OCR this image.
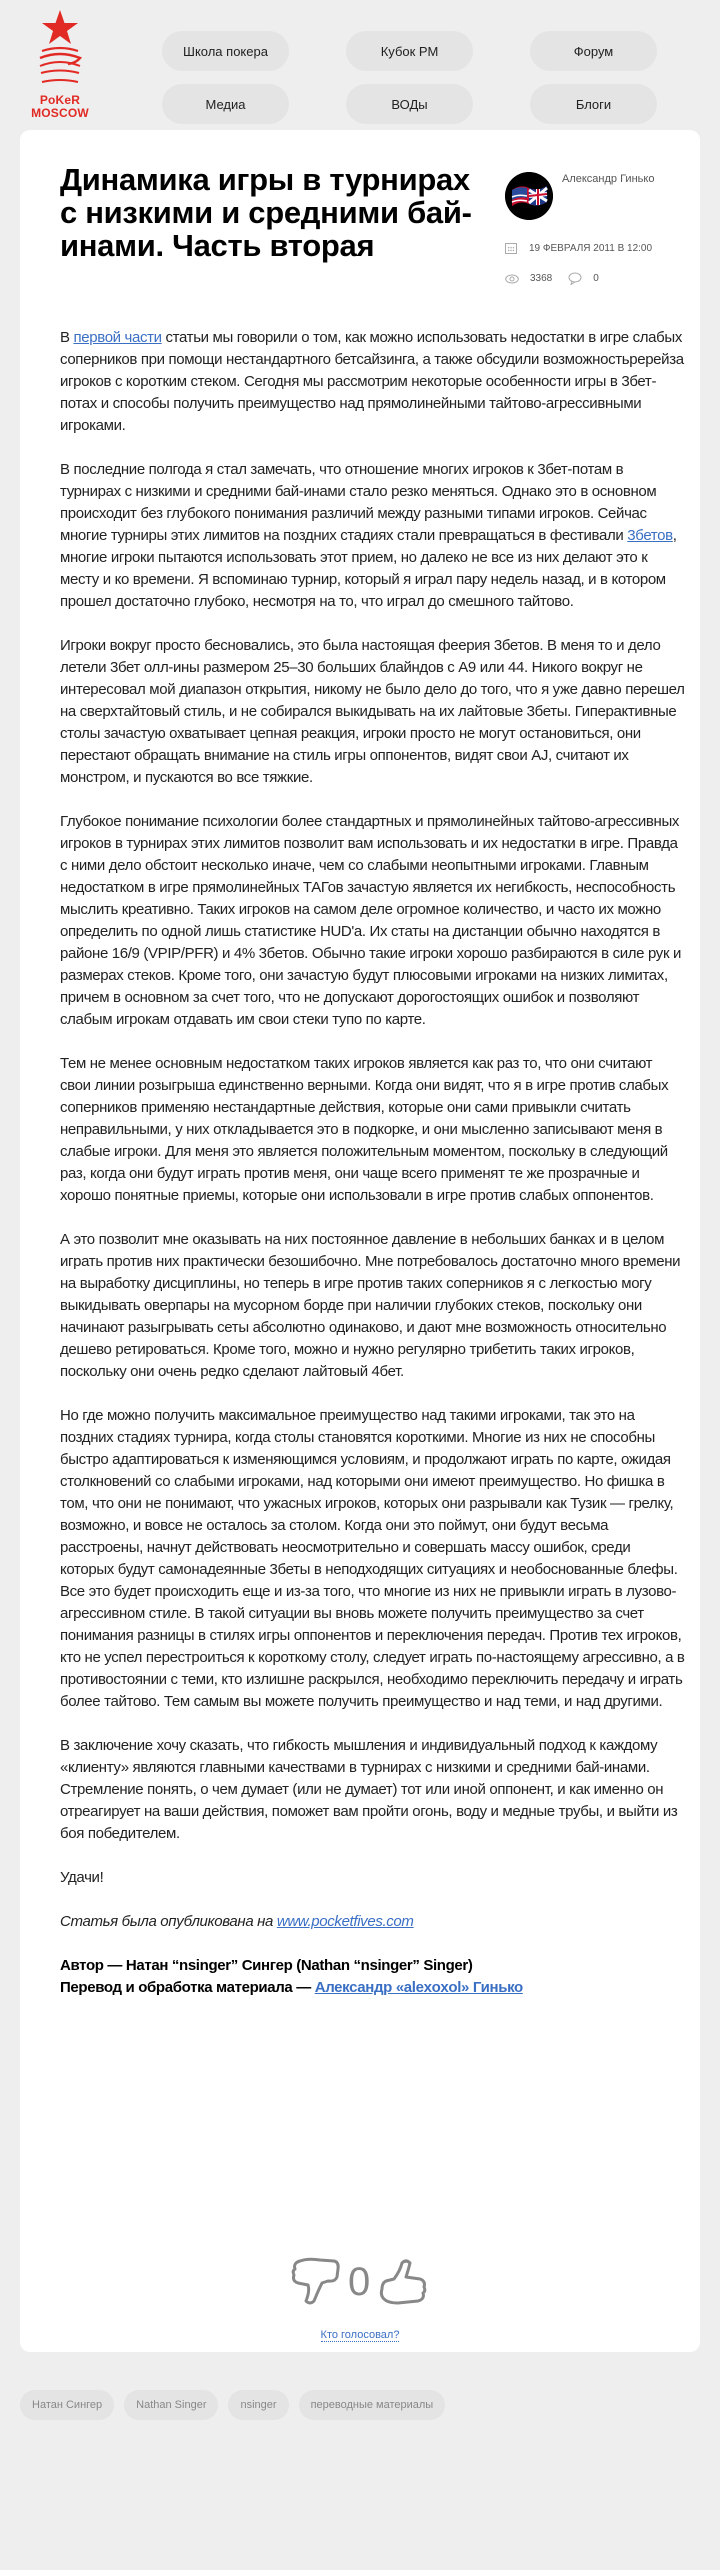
PoKeR
MOSCOW
Школа покера	Кубок РМ	Форум
Медиа	ВОДы	Блоги
Динамика игры в турнирах с низкими и средними бай-инами. Часть вторая
Александр Гинько
19 ФЕВРАЛЯ 2011 В 12:00
3368	0

В первой части статьи мы говорили о том, как можно использовать недостатки в игре слабых соперников при помощи нестандартного бетсайзинга, а также обсудили возможностьререйза игроков с коротким стеком. Сегодня мы рассмотрим некоторые особенности игры в 3бет-потах и способы получить преимущество над прямолинейными тайтово-агрессивными игроками.

В последние полгода я стал замечать, что отношение многих игроков к 3бет-потам в турнирах с низкими и средними бай-инами стало резко меняться. Однако это в основном происходит без глубокого понимания различий между разными типами игроков. Сейчас многие турниры этих лимитов на поздних стадиях стали превращаться в фестивали 3бетов, многие игроки пытаются использовать этот прием, но далеко не все из них делают это к месту и ко времени. Я вспоминаю турнир, который я играл пару недель назад, и в котором прошел достаточно глубоко, несмотря на то, что играл до смешного тайтово.

Игроки вокруг просто бесновались, это была настоящая феерия 3бетов. В меня то и дело летели 3бет олл-ины размером 25–30 больших блайндов с A9 или 44. Никого вокруг не интересовал мой диапазон открытия, никому не было дело до того, что я уже давно перешел на сверхтайтовый стиль, и не собирался выкидывать на их лайтовые 3беты. Гиперактивные столы зачастую охватывает цепная реакция, игроки просто не могут остановиться, они перестают обращать внимание на стиль игры оппонентов, видят свои AJ, считают их монстром, и пускаются во все тяжкие.

Глубокое понимание психологии более стандартных и прямолинейных тайтово-агрессивных игроков в турнирах этих лимитов позволит вам использовать и их недостатки в игре. Правда с ними дело обстоит несколько иначе, чем со слабыми неопытными игроками. Главным недостатком в игре прямолинейных ТАГов зачастую является их негибкость, неспособность мыслить креативно. Таких игроков на самом деле огромное количество, и часто их можно определить по одной лишь статистике HUD'a. Их статы на дистанции обычно находятся в районе 16/9 (VPIP/PFR) и 4% 3бетов. Обычно такие игроки хорошо разбираются в силе рук и размерах стеков. Кроме того, они зачастую будут плюсовыми игроками на низких лимитах, причем в основном за счет того, что не допускают дорогостоящих ошибок и позволяют слабым игрокам отдавать им свои стеки тупо по карте.

Тем не менее основным недостатком таких игроков является как раз то, что они считают свои линии розыгрыша единственно верными. Когда они видят, что я в игре против слабых соперников применяю нестандартные действия, которые они сами привыкли считать неправильными, у них откладывается это в подкорке, и они мысленно записывают меня в слабые игроки. Для меня это является положительным моментом, поскольку в следующий раз, когда они будут играть против меня, они чаще всего применят те же прозрачные и хорошо понятные приемы, которые они использовали в игре против слабых оппонентов.

А это позволит мне оказывать на них постоянное давление в небольших банках и в целом играть против них практически безошибочно. Мне потребовалось достаточно много времени на выработку дисциплины, но теперь в игре против таких соперников я с легкостью могу выкидывать оверпары на мусорном борде при наличии глубоких стеков, поскольку они начинают разыгрывать сеты абсолютно одинаково, и дают мне возможность относительно дешево ретироваться. Кроме того, можно и нужно регулярно трибетить таких игроков, поскольку они очень редко сделают лайтовый 4бет.

Но где можно получить максимальное преимущество над такими игроками, так это на поздних стадиях турнира, когда столы становятся короткими. Многие из них не способны быстро адаптироваться к изменяющимся условиям, и продолжают играть по карте, ожидая столкновений со слабыми игроками, над которыми они имеют преимущество. Но фишка в том, что они не понимают, что ужасных игроков, которых они разрывали как Тузик — грелку, возможно, и вовсе не осталось за столом. Когда они это поймут, они будут весьма расстроены, начнут действовать неосмотрительно и совершать массу ошибок, среди которых будут самонадеянные 3беты в неподходящих ситуациях и необоснованные блефы. Все это будет происходить еще и из-за того, что многие из них не привыкли играть в лузово-агрессивном стиле. В такой ситуации вы вновь можете получить преимущество за счет понимания разницы в стилях игры оппонентов и переключения передач. Против тех игроков, кто не успел перестроиться к короткому столу, следует играть по-настоящему агрессивно, а в противостоянии с теми, кто излишне раскрылся, необходимо переключить передачу и играть более тайтово. Тем самым вы можете получить преимущество и над теми, и над другими.

В заключение хочу сказать, что гибкость мышления и индивидуальный подход к каждому «клиенту» являются главными качествами в турнирах с низкими и средними бай-инами. Стремление понять, о чем думает (или не думает) тот или иной оппонент, и как именно он отреагирует на ваши действия, поможет вам пройти огонь, воду и медные трубы, и выйти из боя победителем.

Удачи!

Статья была опубликована на www.pocketfives.com

Автор — Натан “nsinger” Сингер (Nathan “nsinger” Singer)

Перевод и обработка материала — Александр «alexoxol» Гинько

0
Кто голосовал?
Натан Сингер	Nathan Singer	nsinger	переводные материалы
